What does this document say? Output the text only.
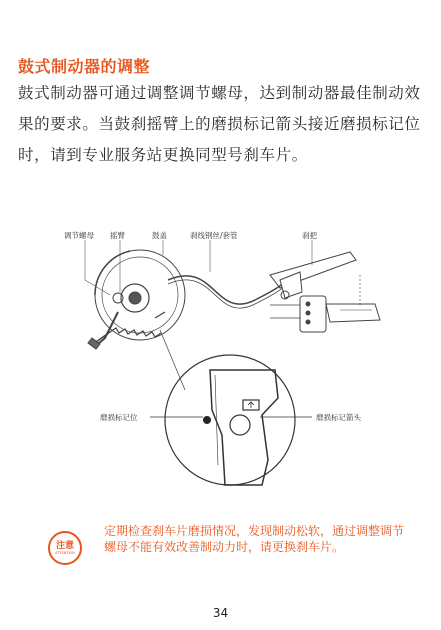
鼓式制动器的调整
鼓式制动器可通过调整调节螺母，达到制动器最佳制动效果的要求。当鼓刹摇臂上的磨损标记箭头接近磨损标记位时，请到专业服务站更换同型号刹车片。
调节螺母 摇臂	鼓盖	刹线钢丝/套管	刹把
磨损标记位	磨损标记箭头
注意
ATTENTION
定期检查刹车片磨损情况，发现制动松软，通过调整调节螺母不能有效改善制动力时，请更换刹车片。
34
